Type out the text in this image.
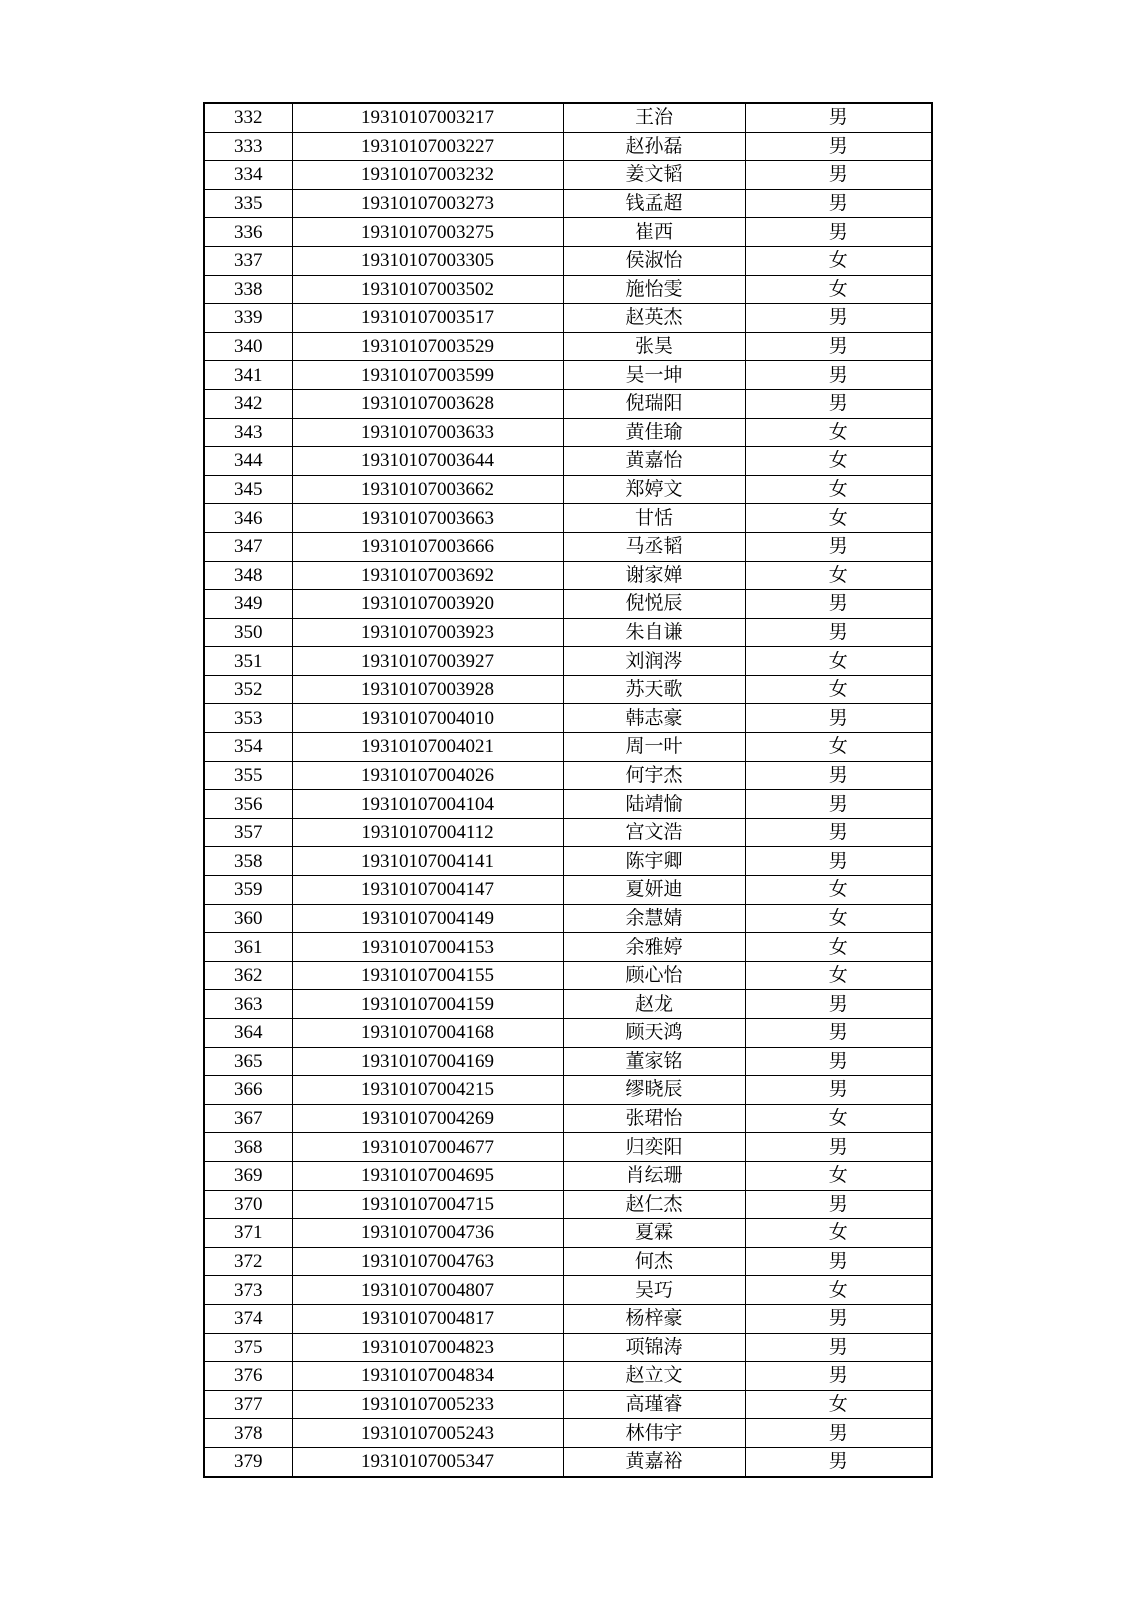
332	19310107003217	王治	男
333	19310107003227	赵孙磊	男
334	19310107003232	姜文韬	男
335	19310107003273	钱孟超	男
336	19310107003275	崔西	男
337	19310107003305	侯淑怡	女
338	19310107003502	施怡雯	女
339	19310107003517	赵英杰	男
340	19310107003529	张昊	男
341	19310107003599	吴一坤	男
342	19310107003628	倪瑞阳	男
343	19310107003633	黄佳瑜	女
344	19310107003644	黄嘉怡	女
345	19310107003662	郑婷文	女
346	19310107003663	甘恬	女
347	19310107003666	马丞韬	男
348	19310107003692	谢家婵	女
349	19310107003920	倪悦辰	男
350	19310107003923	朱自谦	男
351	19310107003927	刘润涔	女
352	19310107003928	苏天歌	女
353	19310107004010	韩志豪	男
354	19310107004021	周一叶	女
355	19310107004026	何宇杰	男
356	19310107004104	陆靖愉	男
357	19310107004112	宫文浩	男
358	19310107004141	陈宇卿	男
359	19310107004147	夏妍迪	女
360	19310107004149	余慧婧	女
361	19310107004153	余雅婷	女
362	19310107004155	顾心怡	女
363	19310107004159	赵龙	男
364	19310107004168	顾天鸿	男
365	19310107004169	董家铭	男
366	19310107004215	缪晓辰	男
367	19310107004269	张珺怡	女
368	19310107004677	归奕阳	男
369	19310107004695	肖纭珊	女
370	19310107004715	赵仁杰	男
371	19310107004736	夏霖	女
372	19310107004763	何杰	男
373	19310107004807	吴巧	女
374	19310107004817	杨梓豪	男
375	19310107004823	项锦涛	男
376	19310107004834	赵立文	男
377	19310107005233	高瑾睿	女
378	19310107005243	林伟宇	男
379	19310107005347	黄嘉裕	男
